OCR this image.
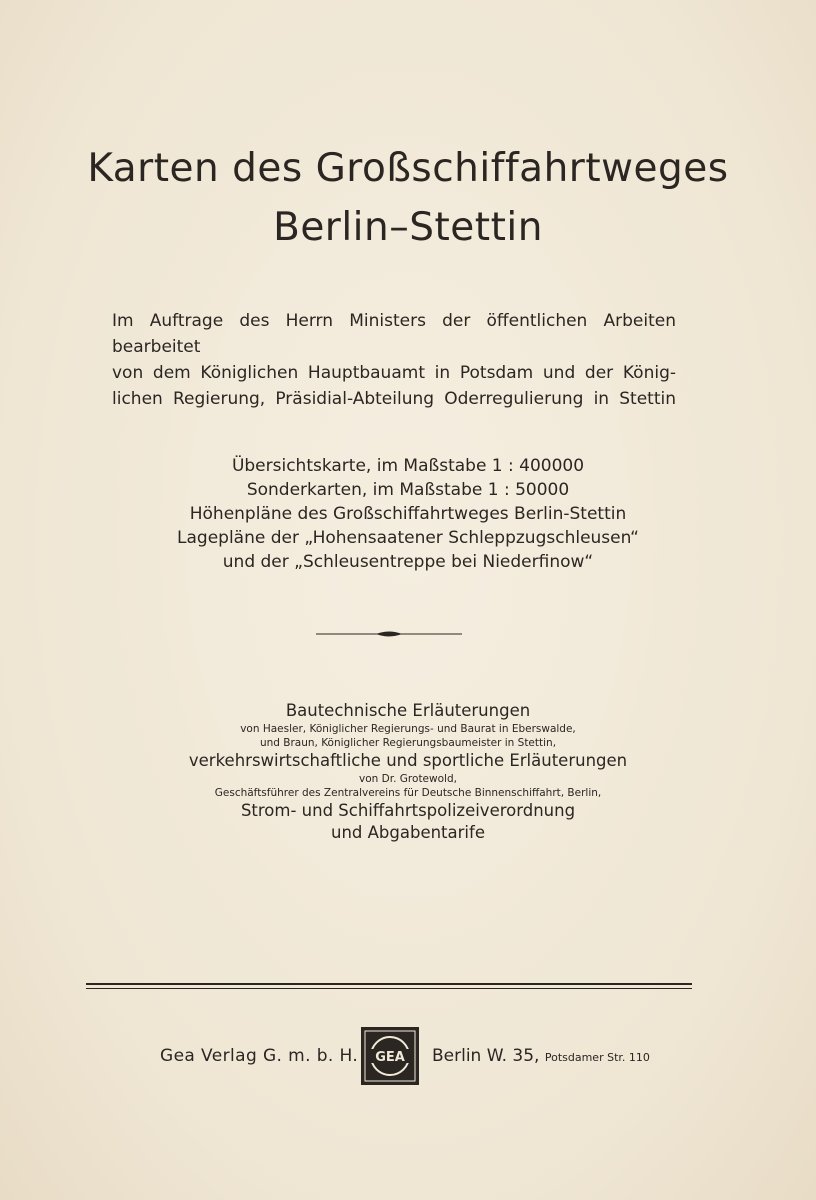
Karten des Großschiffahrtweges
Berlin–Stettin
Im Auftrage des Herrn Ministers der öffentlichen Arbeiten bearbeitet
von dem Königlichen Hauptbauamt in Potsdam und der König-
lichen Regierung, Präsidial-Abteilung Oderregulierung in Stettin
Übersichtskarte, im Maßstabe 1 : 400000
Sonderkarten, im Maßstabe 1 : 50000
Höhenpläne des Großschiffahrtweges Berlin-Stettin
Lagepläne der „Hohensaatener Schleppzugschleusen“
und der „Schleusentreppe bei Niederfinow“
Bautechnische Erläuterungen
von Haesler, Königlicher Regierungs- und Baurat in Eberswalde,
und Braun, Königlicher Regierungsbaumeister in Stettin,
verkehrswirtschaftliche und sportliche Erläuterungen
von Dr. Grotewold,
Geschäftsführer des Zentralvereins für Deutsche Binnenschiffahrt, Berlin,
Strom- und Schiffahrtspolizeiverordnung
und Abgabentarife
Gea Verlag G. m. b. H. GEA Berlin W. 35, Potsdamer Str. 110
